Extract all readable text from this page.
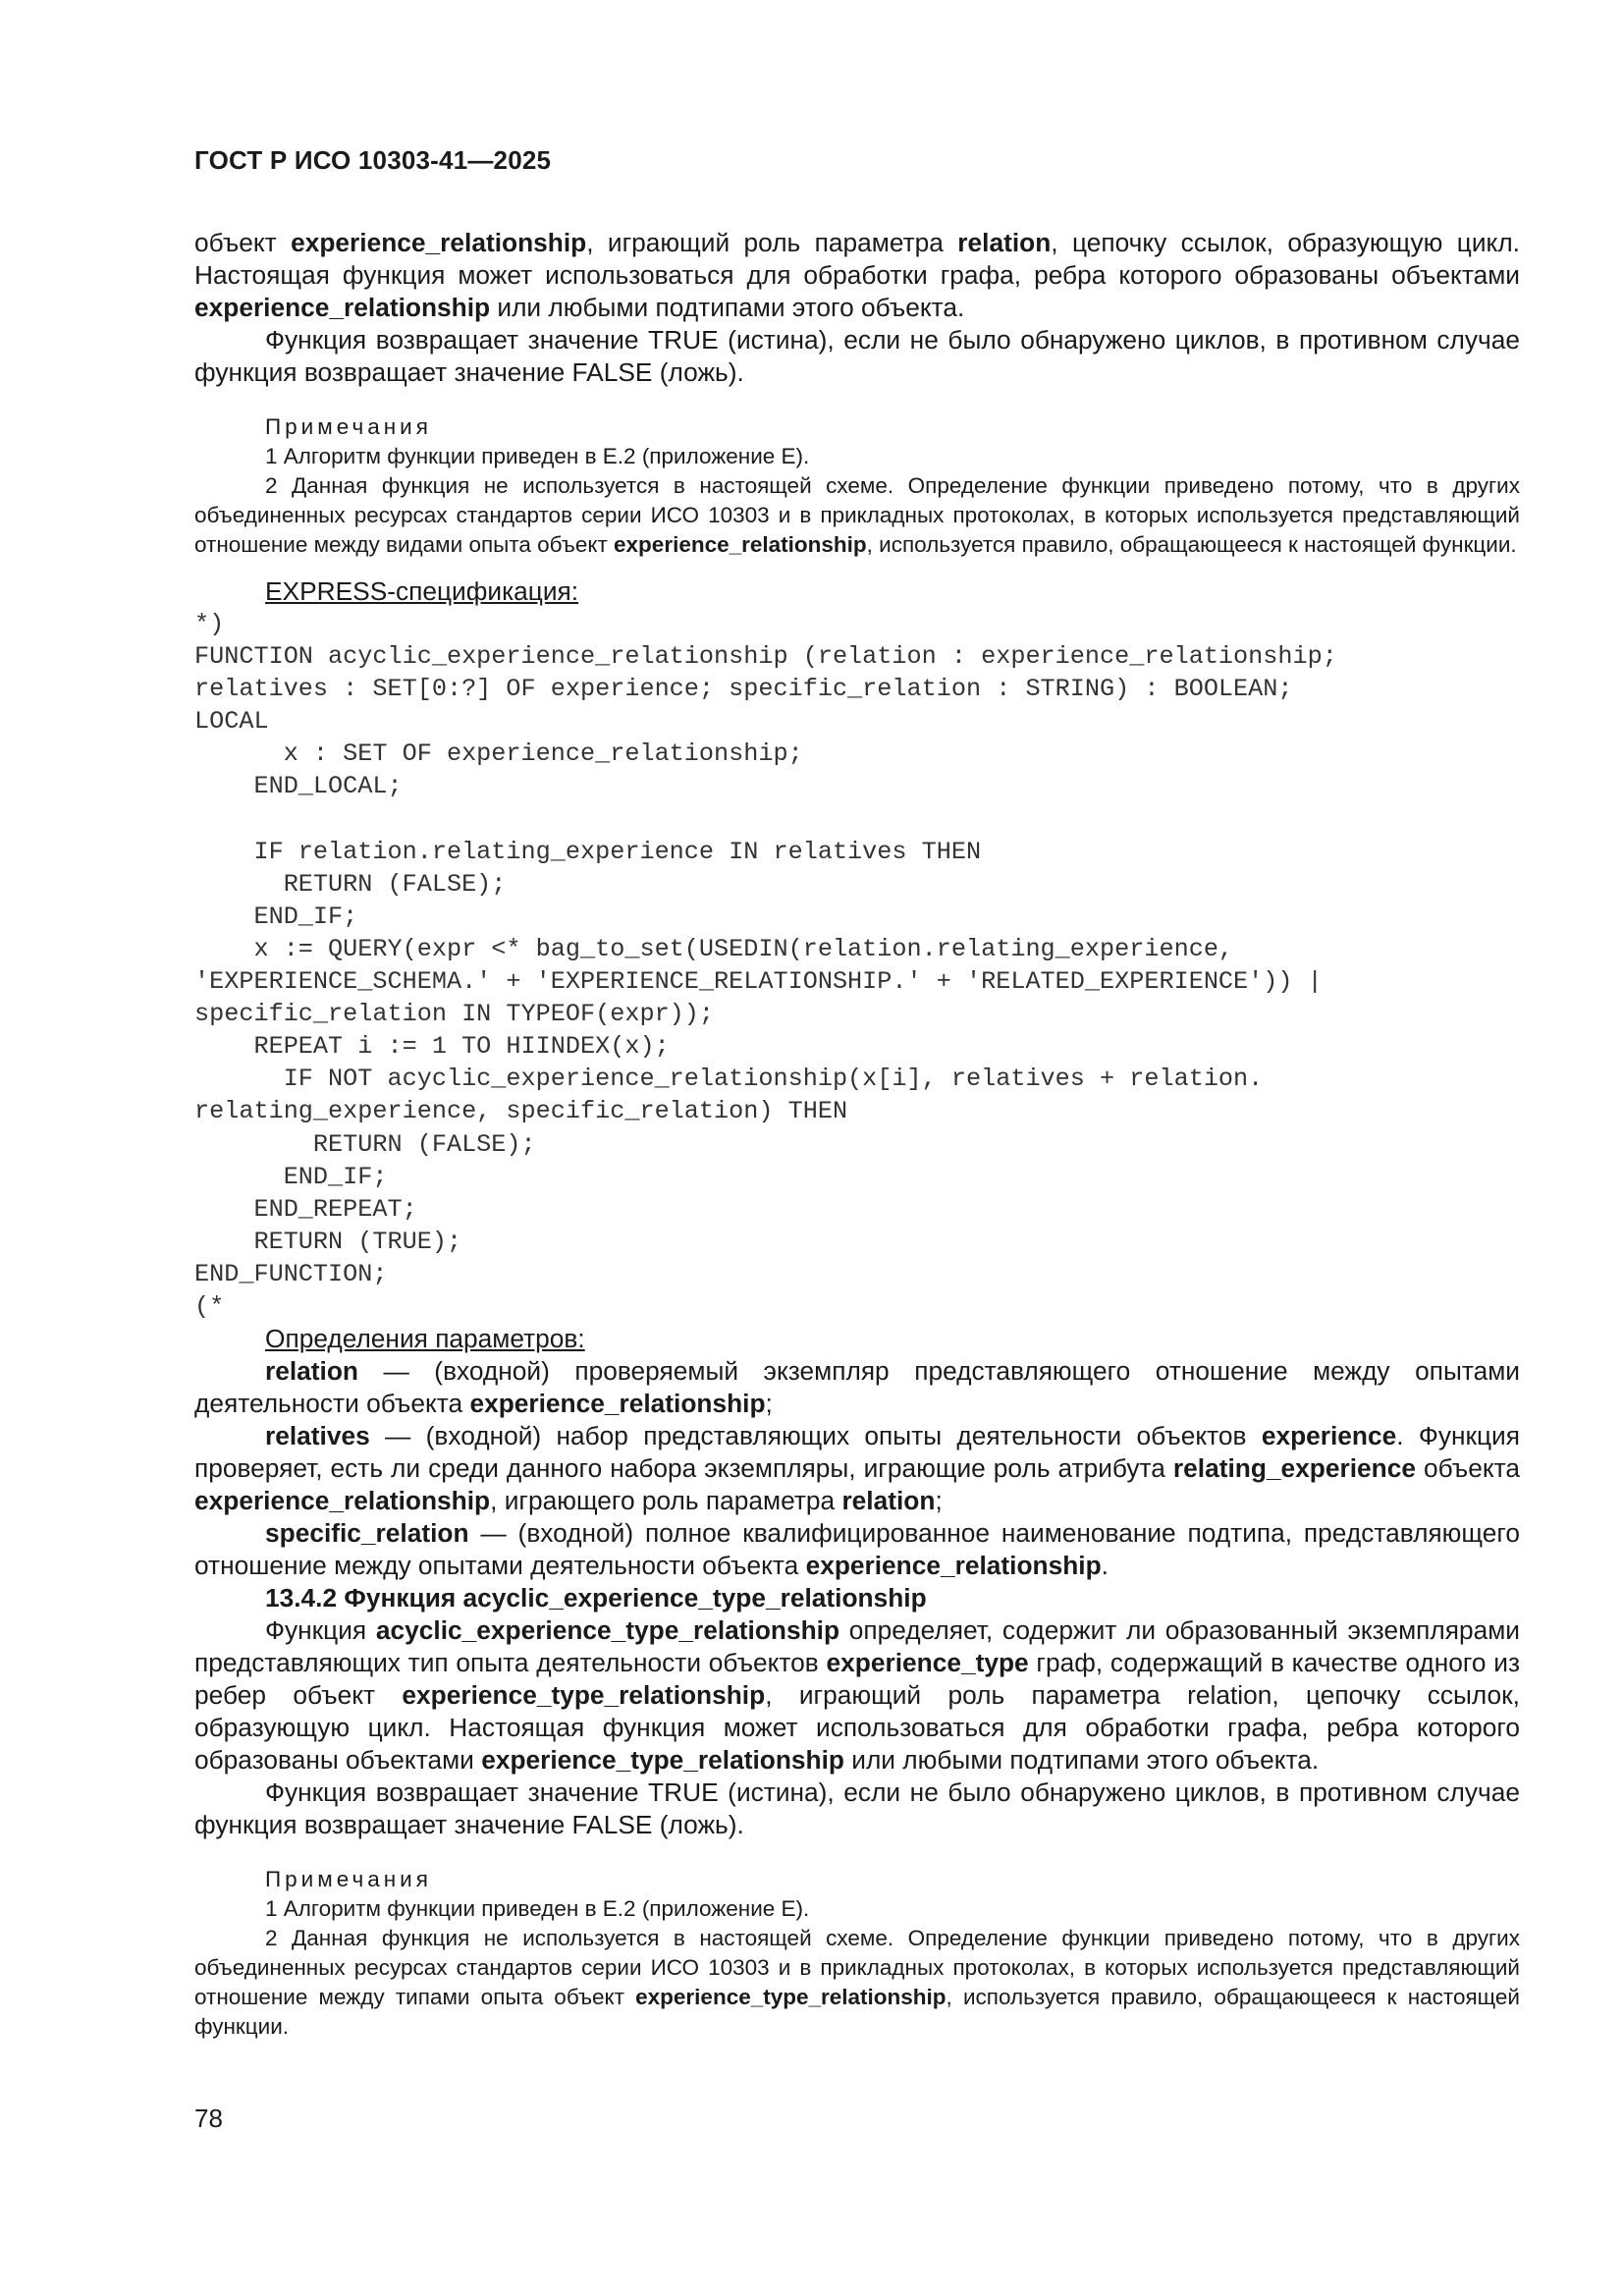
ГОСТ Р ИСО 10303-41—2025

объект experience_relationship, играющий роль параметра relation, цепочку ссылок, образующую цикл. Настоящая функция может использоваться для обработки графа, ребра которого образованы объектами experience_relationship или любыми подтипами этого объекта.

Функция возвращает значение TRUE (истина), если не было обнаружено циклов, в противном случае функция возвращает значение FALSE (ложь).

Примечания

1 Алгоритм функции приведен в Е.2 (приложение Е).

2 Данная функция не используется в настоящей схеме. Определение функции приведено потому, что в других объединенных ресурсах стандартов серии ИСО 10303 и в прикладных протоколах, в которых используется представляющий отношение между видами опыта объект experience_relationship, используется правило, обращающееся к настоящей функции.

EXPRESS-спецификация:

*)
FUNCTION acyclic_experience_relationship (relation : experience_relationship;
relatives : SET[0:?] OF experience; specific_relation : STRING) : BOOLEAN;
LOCAL
x : SET OF experience_relationship;
END_LOCAL;

IF relation.relating_experience IN relatives THEN
RETURN (FALSE);
END_IF;
x := QUERY(expr <* bag_to_set(USEDIN(relation.relating_experience,
'EXPERIENCE_SCHEMA.' + 'EXPERIENCE_RELATIONSHIP.' + 'RELATED_EXPERIENCE')) |
specific_relation IN TYPEOF(expr));
REPEAT i := 1 TO HIINDEX(x);
IF NOT acyclic_experience_relationship(x[i], relatives + relation.
relating_experience, specific_relation) THEN
RETURN (FALSE);
END_IF;
END_REPEAT;
RETURN (TRUE);
END_FUNCTION;
(*

Определения параметров:

relation — (входной) проверяемый экземпляр представляющего отношение между опытами деятельности объекта experience_relationship;

relatives — (входной) набор представляющих опыты деятельности объектов experience. Функция проверяет, есть ли среди данного набора экземпляры, играющие роль атрибута relating_experience объекта experience_relationship, играющего роль параметра relation;

specific_relation — (входной) полное квалифицированное наименование подтипа, представляющего отношение между опытами деятельности объекта experience_relationship.

13.4.2 Функция acyclic_experience_type_relationship

Функция acyclic_experience_type_relationship определяет, содержит ли образованный экземплярами представляющих тип опыта деятельности объектов experience_type граф, содержащий в качестве одного из ребер объект experience_type_relationship, играющий роль параметра relation, цепочку ссылок, образующую цикл. Настоящая функция может использоваться для обработки графа, ребра которого образованы объектами experience_type_relationship или любыми подтипами этого объекта.

Функция возвращает значение TRUE (истина), если не было обнаружено циклов, в противном случае функция возвращает значение FALSE (ложь).

Примечания

1 Алгоритм функции приведен в Е.2 (приложение Е).

2 Данная функция не используется в настоящей схеме. Определение функции приведено потому, что в других объединенных ресурсах стандартов серии ИСО 10303 и в прикладных протоколах, в которых используется представляющий отношение между типами опыта объект experience_type_relationship, используется правило, обращающееся к настоящей функции.

78
